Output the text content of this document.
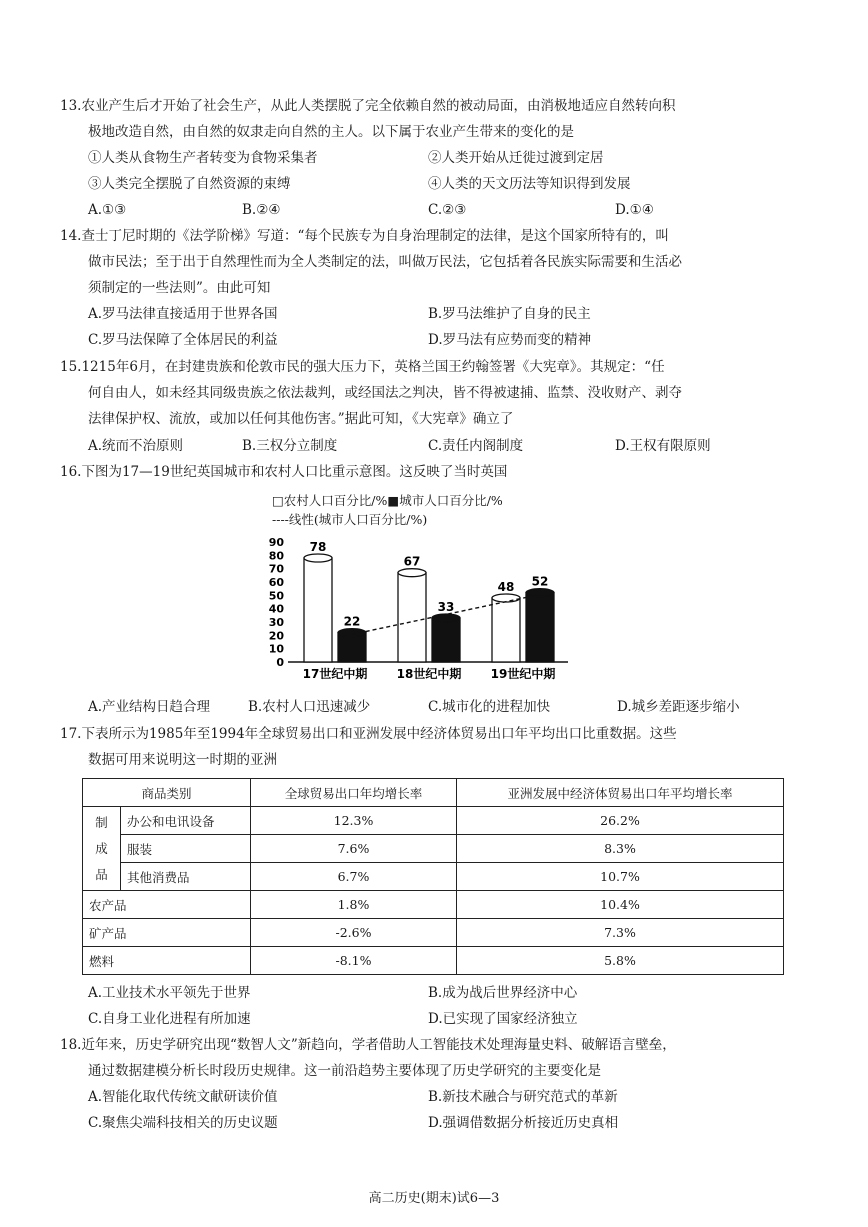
13.农业产生后才开始了社会生产，从此人类摆脱了完全依赖自然的被动局面，由消极地适应自然转向积
极地改造自然，由自然的奴隶走向自然的主人。以下属于农业产生带来的变化的是
①人类从食物生产者转变为食物采集者	②人类开始从迁徙过渡到定居
③人类完全摆脱了自然资源的束缚	④人类的天文历法等知识得到发展
A.①③	B.②④	C.②③	D.①④
14.查士丁尼时期的《法学阶梯》写道：“每个民族专为自身治理制定的法律，是这个国家所特有的，叫
做市民法；至于出于自然理性而为全人类制定的法，叫做万民法，它包括着各民族实际需要和生活必
须制定的一些法则”。由此可知
A.罗马法律直接适用于世界各国	B.罗马法维护了自身的民主
C.罗马法保障了全体居民的利益	D.罗马法有应势而变的精神
15.1215年6月，在封建贵族和伦敦市民的强大压力下，英格兰国王约翰签署《大宪章》。其规定：“任
何自由人，如未经其同级贵族之依法裁判，或经国法之判决，皆不得被逮捕、监禁、没收财产、剥夺
法律保护权、流放，或加以任何其他伤害。”据此可知，《大宪章》确立了
A.统而不治原则	B.三权分立制度	C.责任内阁制度	D.王权有限原则
16.下图为17—19世纪英国城市和农村人口比重示意图。这反映了当时英国
□农村人口百分比/%■城市人口百分比/%
----线性(城市人口百分比/%)
90
80
70
60
50
40
30
20
10
0
78
22
17世纪中期
67
33
18世纪中期
48 52
19世纪中期
A.产业结构日趋合理	B.农村人口迅速减少	C.城市化的进程加快	D.城乡差距逐步缩小
17.下表所示为1985年至1994年全球贸易出口和亚洲发展中经济体贸易出口年平均出口比重数据。这些
数据可用来说明这一时期的亚洲
商品类别		全球贸易出口年均增长率	亚洲发展中经济体贸易出口年平均增长率

制
成
品	办公和电讯设备	12.3%	26.2%
	服装	7.6%	8.3%
	其他消费品	6.7%	10.7%
农产品		1.8%	10.4%
矿产品		-2.6%	7.3%
燃料		-8.1%	5.8%
A.工业技术水平领先于世界	B.成为战后世界经济中心
C.自身工业化进程有所加速	D.已实现了国家经济独立
18.近年来，历史学研究出现“数智人文”新趋向，学者借助人工智能技术处理海量史料、破解语言壁垒，
通过数据建模分析长时段历史规律。这一前沿趋势主要体现了历史学研究的主要变化是
A.智能化取代传统文献研读价值	B.新技术融合与研究范式的革新
C.聚焦尖端科技相关的历史议题	D.强调借数据分析接近历史真相
高二历史(期末)试6—3
